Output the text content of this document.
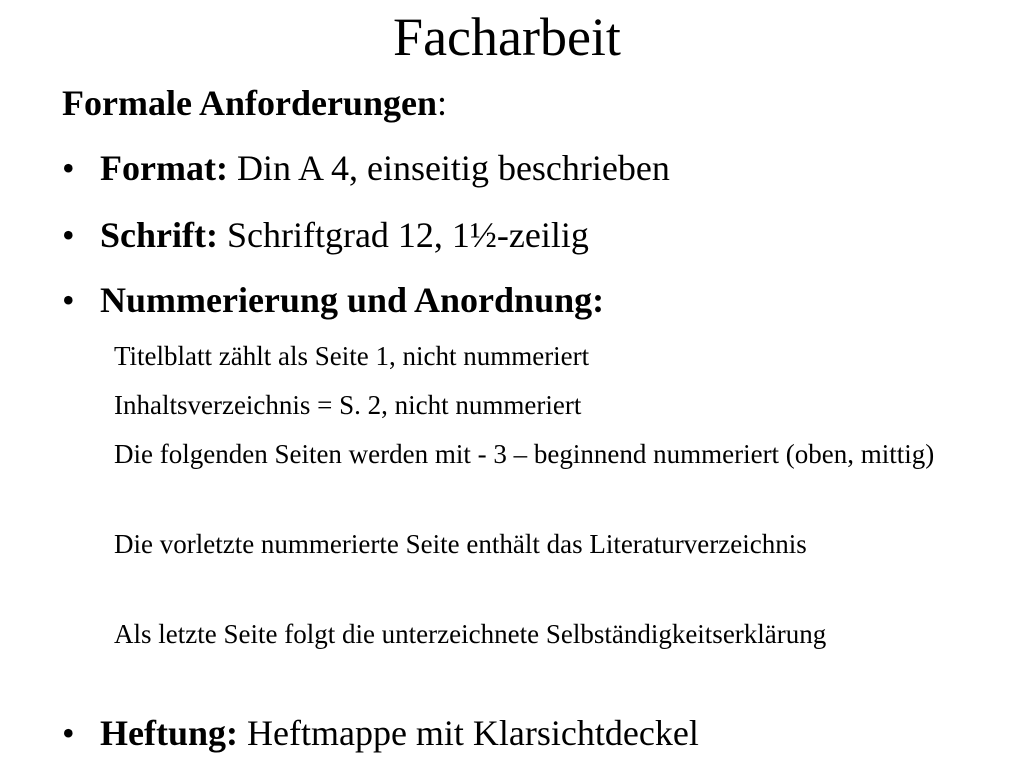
Facharbeit
Formale Anforderungen:
• Format: Din A 4, einseitig beschrieben
• Schrift: Schriftgrad 12, 1½-zeilig
• Nummerierung und Anordnung:
Titelblatt zählt als Seite 1, nicht nummeriert
Inhaltsverzeichnis = S. 2, nicht nummeriert
Die folgenden Seiten werden mit - 3 – beginnend nummeriert (oben, mittig)
Die vorletzte nummerierte Seite enthält das Literaturverzeichnis
Als letzte Seite folgt die unterzeichnete Selbständigkeitserklärung
• Heftung: Heftmappe mit Klarsichtdeckel
